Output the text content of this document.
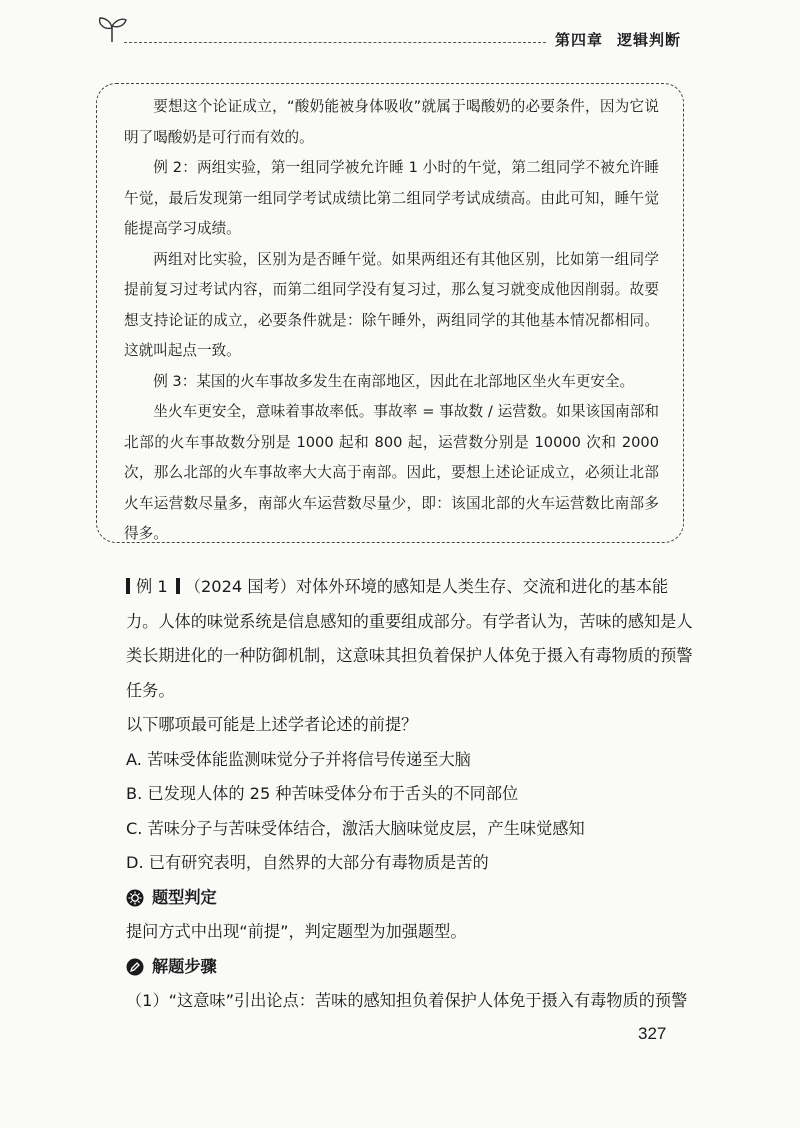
第四章 逻辑判断

要想这个论证成立，“酸奶能被身体吸收”就属于喝酸奶的必要条件，因为它说明了喝酸奶是可行而有效的。

例 2：两组实验，第一组同学被允许睡 1 小时的午觉，第二组同学不被允许睡午觉，最后发现第一组同学考试成绩比第二组同学考试成绩高。由此可知，睡午觉能提高学习成绩。

两组对比实验，区别为是否睡午觉。如果两组还有其他区别，比如第一组同学提前复习过考试内容，而第二组同学没有复习过，那么复习就变成他因削弱。故要想支持论证的成立，必要条件就是：除午睡外，两组同学的其他基本情况都相同。这就叫起点一致。

例 3：某国的火车事故多发生在南部地区，因此在北部地区坐火车更安全。

坐火车更安全，意味着事故率低。事故率 = 事故数 / 运营数。如果该国南部和北部的火车事故数分别是 1000 起和 800 起，运营数分别是 10000 次和 2000 次，那么北部的火车事故率大大高于南部。因此，要想上述论证成立，必须让北部火车运营数尽量多，南部火车运营数尽量少，即：该国北部的火车运营数比南部多得多。

例 1 （2024 国考）对体外环境的感知是人类生存、交流和进化的基本能力。人体的味觉系统是信息感知的重要组成部分。有学者认为，苦味的感知是人类长期进化的一种防御机制，这意味其担负着保护人体免于摄入有毒物质的预警任务。

以下哪项最可能是上述学者论述的前提？

A. 苦味受体能监测味觉分子并将信号传递至大脑

B. 已发现人体的 25 种苦味受体分布于舌头的不同部位

C. 苦味分子与苦味受体结合，激活大脑味觉皮层，产生味觉感知

D. 已有研究表明，自然界的大部分有毒物质是苦的

题型判定

提问方式中出现“前提”，判定题型为加强题型。

解题步骤

（1）“这意味”引出论点：苦味的感知担负着保护人体免于摄入有毒物质的预警

327
